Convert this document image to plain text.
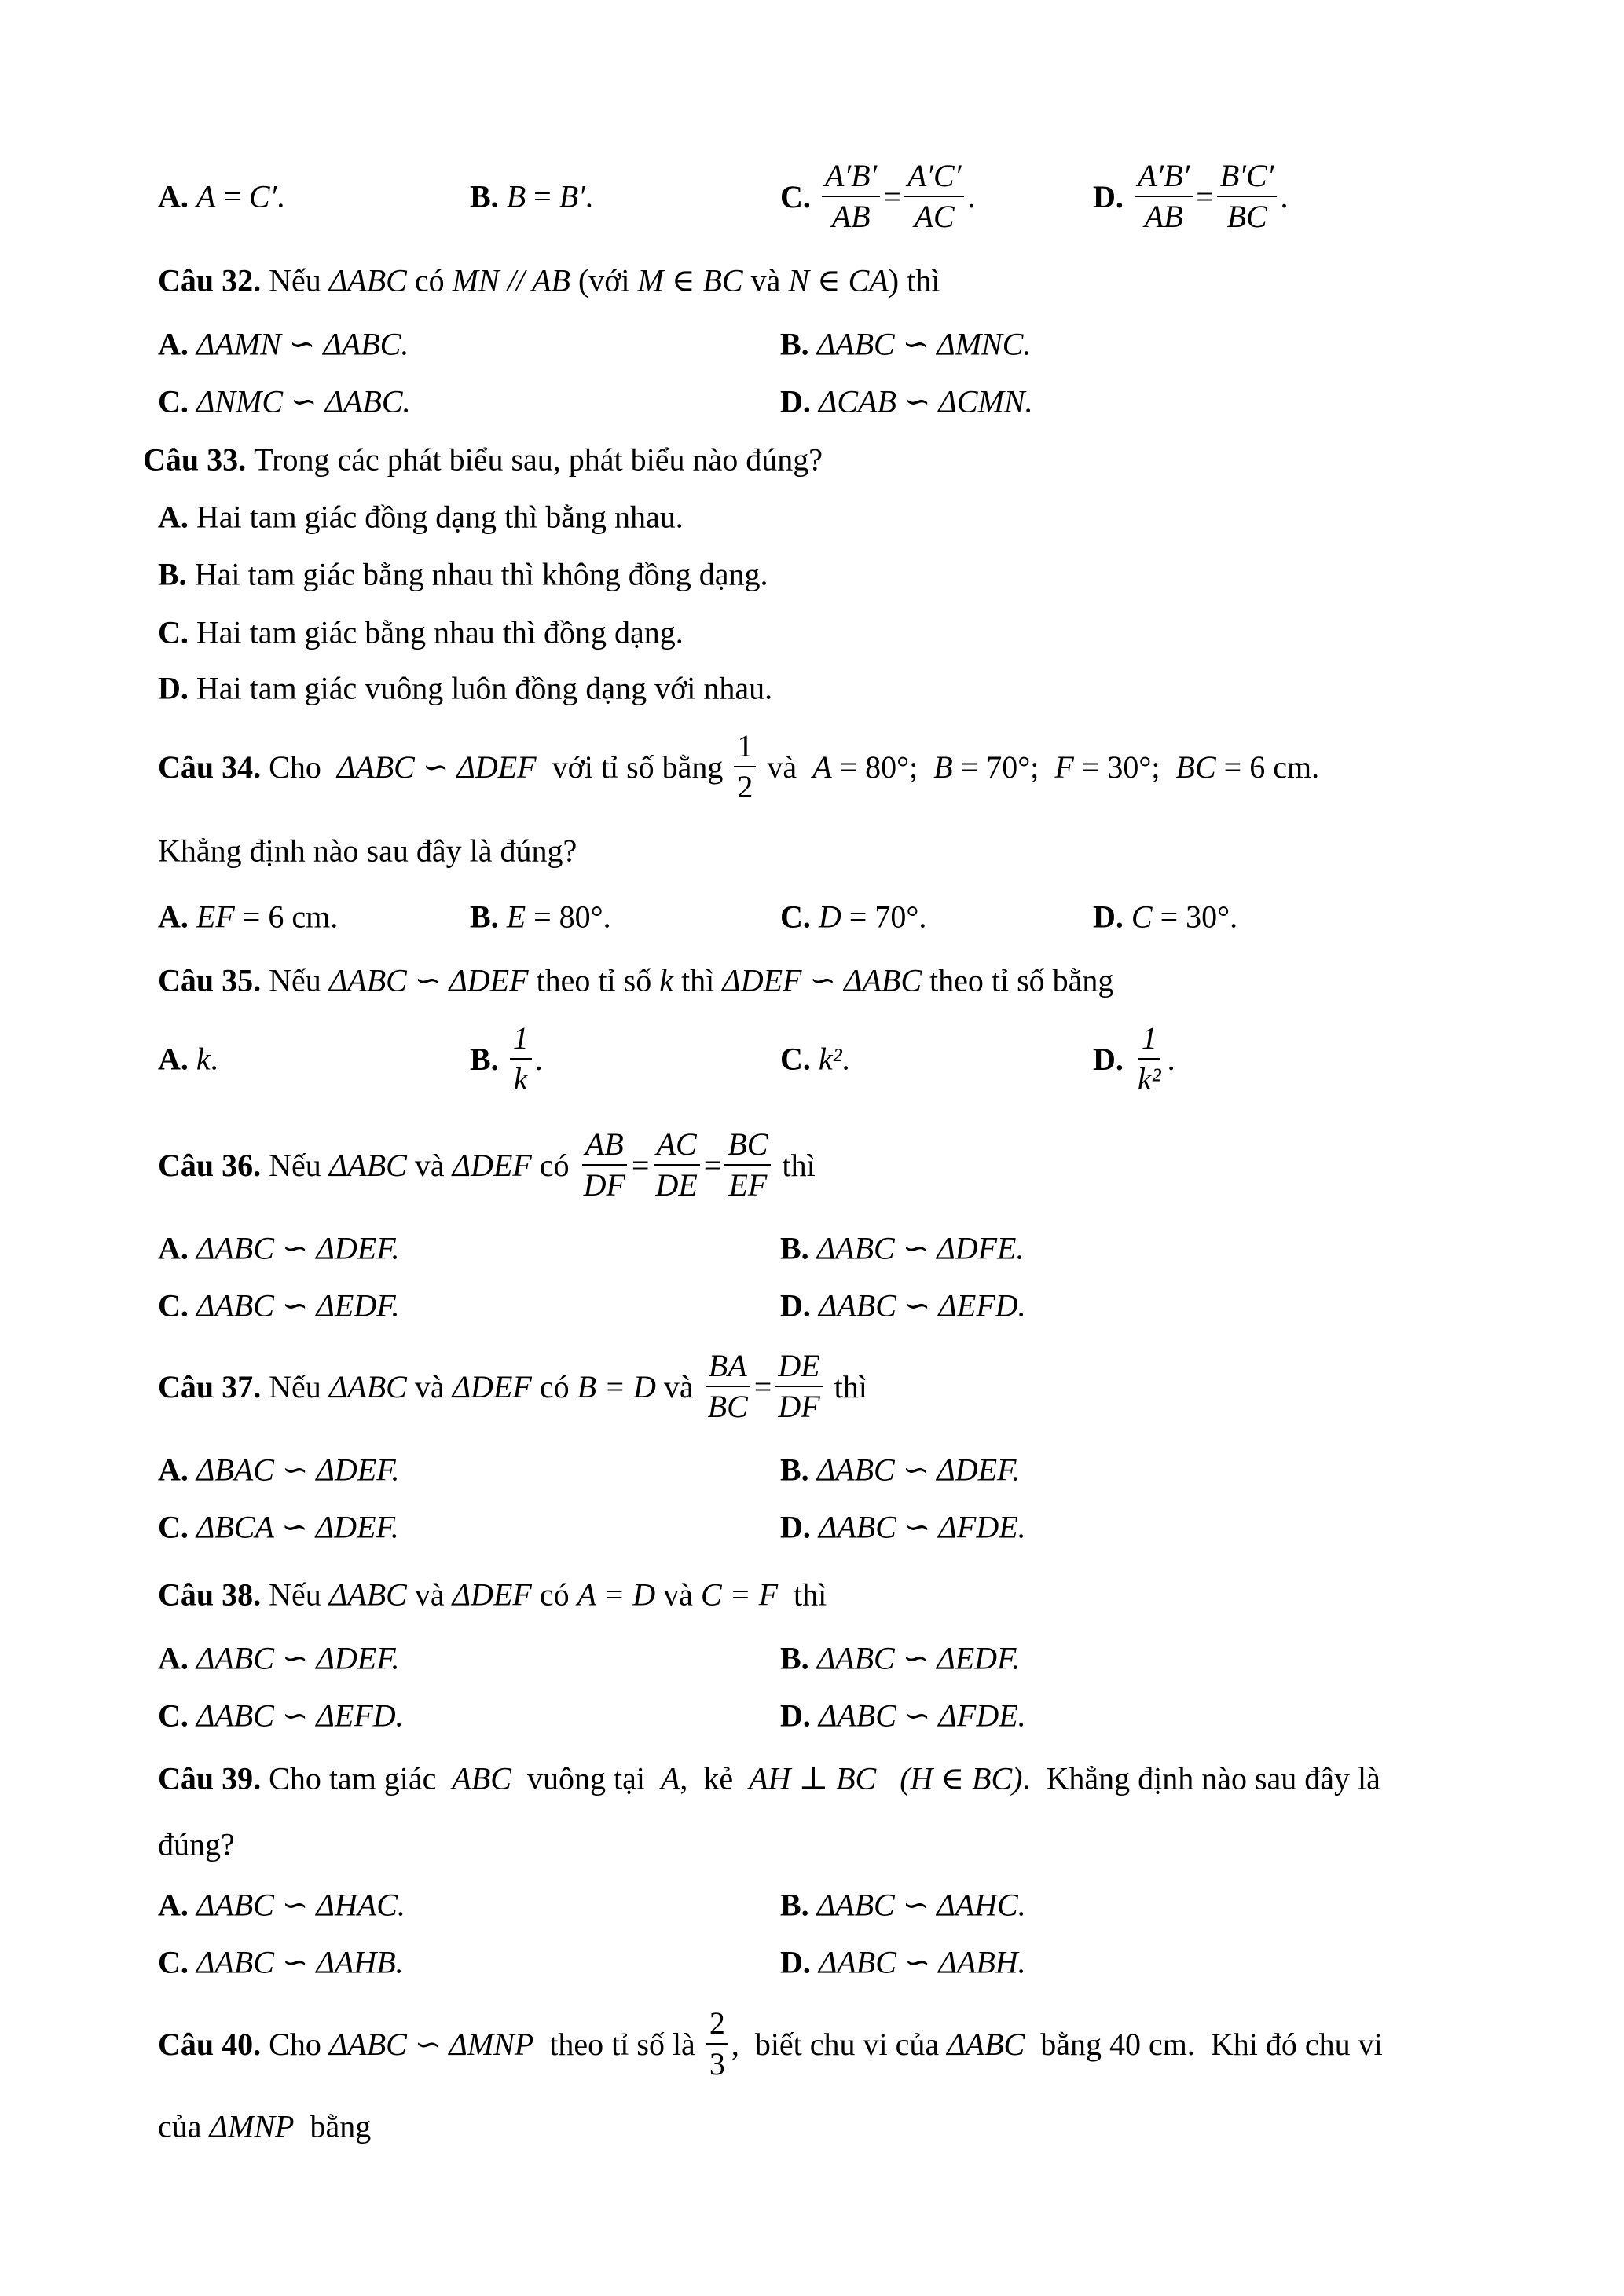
A. A = C′ .	B. B = B′ .	C. $\frac{A'B'}{AB} = \frac{A'C'}{AC}$ .	D. $\frac{A'B'}{AB} = \frac{B'C'}{BC}$ .
Câu 32. Nếu ΔABC có MN // AB (với M ∈ BC và N ∈ CA ) thì
A. ΔAMN ∽ ΔABC.	B. ΔABC ∽ ΔMNC.
C. ΔNMC ∽ ΔABC.	D. ΔCAB ∽ ΔCMN.
Câu 33. Trong các phát biểu sau, phát biểu nào đúng?
A. Hai tam giác đồng dạng thì bằng nhau.
B. Hai tam giác bằng nhau thì không đồng dạng.
C. Hai tam giác bằng nhau thì đồng dạng.
D. Hai tam giác vuông luôn đồng dạng với nhau.
Câu 34. Cho ΔABC ∽ ΔDEF với tỉ số bằng $\frac{1}{2}$ và A = 80°; B = 70°; F = 30°; BC = 6 cm.
Khẳng định nào sau đây là đúng?
A. EF = 6 cm.	B. E = 80°.	C. D = 70°.	D. C = 30°.
Câu 35. Nếu ΔABC ∽ ΔDEF theo tỉ số k thì ΔDEF ∽ ΔABC theo tỉ số bằng
A. k .	B. $\frac{1}{k}$ .	C. k² .	D. $\frac{1}{\text{k²}}$ .
Câu 36. Nếu ΔABC và ΔDEF có $\frac{AB}{DF} = \frac{AC}{DE} = \frac{BC}{EF}$ thì
A. ΔABC ∽ ΔDEF.	B. ΔABC ∽ ΔDFE.
C. ΔABC ∽ ΔEDF.	D. ΔABC ∽ ΔEFD.
Câu 37. Nếu ΔABC và ΔDEF có B = D và $\frac{BA}{BC} = \frac{DE}{DF}$ thì
A. ΔBAC ∽ ΔDEF.	B. ΔABC ∽ ΔDEF.
C. ΔBCA ∽ ΔDEF.	D. ΔABC ∽ ΔFDE.
Câu 38. Nếu ΔABC và ΔDEF có A = D và C = F thì
A. ΔABC ∽ ΔDEF.	B. ΔABC ∽ ΔEDF.
C. ΔABC ∽ ΔEFD.	D. ΔABC ∽ ΔFDE.
Câu 39. Cho tam giác ABC vuông tại A ,  kẻ AH ⊥ BC
(H ∈ BC) .  Khẳng định nào sau đây là
đúng?
A. ΔABC ∽ ΔHAC.	B. ΔABC ∽ ΔAHC.
C. ΔABC ∽ ΔAHB.	D. ΔABC ∽ ΔABH.
Câu 40. Cho ΔABC ∽ ΔMNP theo tỉ số là $\frac{2}{3}$ ,  biết chu vi của ΔABC bằng 40 cm.  Khi đó chu vi
của ΔMNP bằng
